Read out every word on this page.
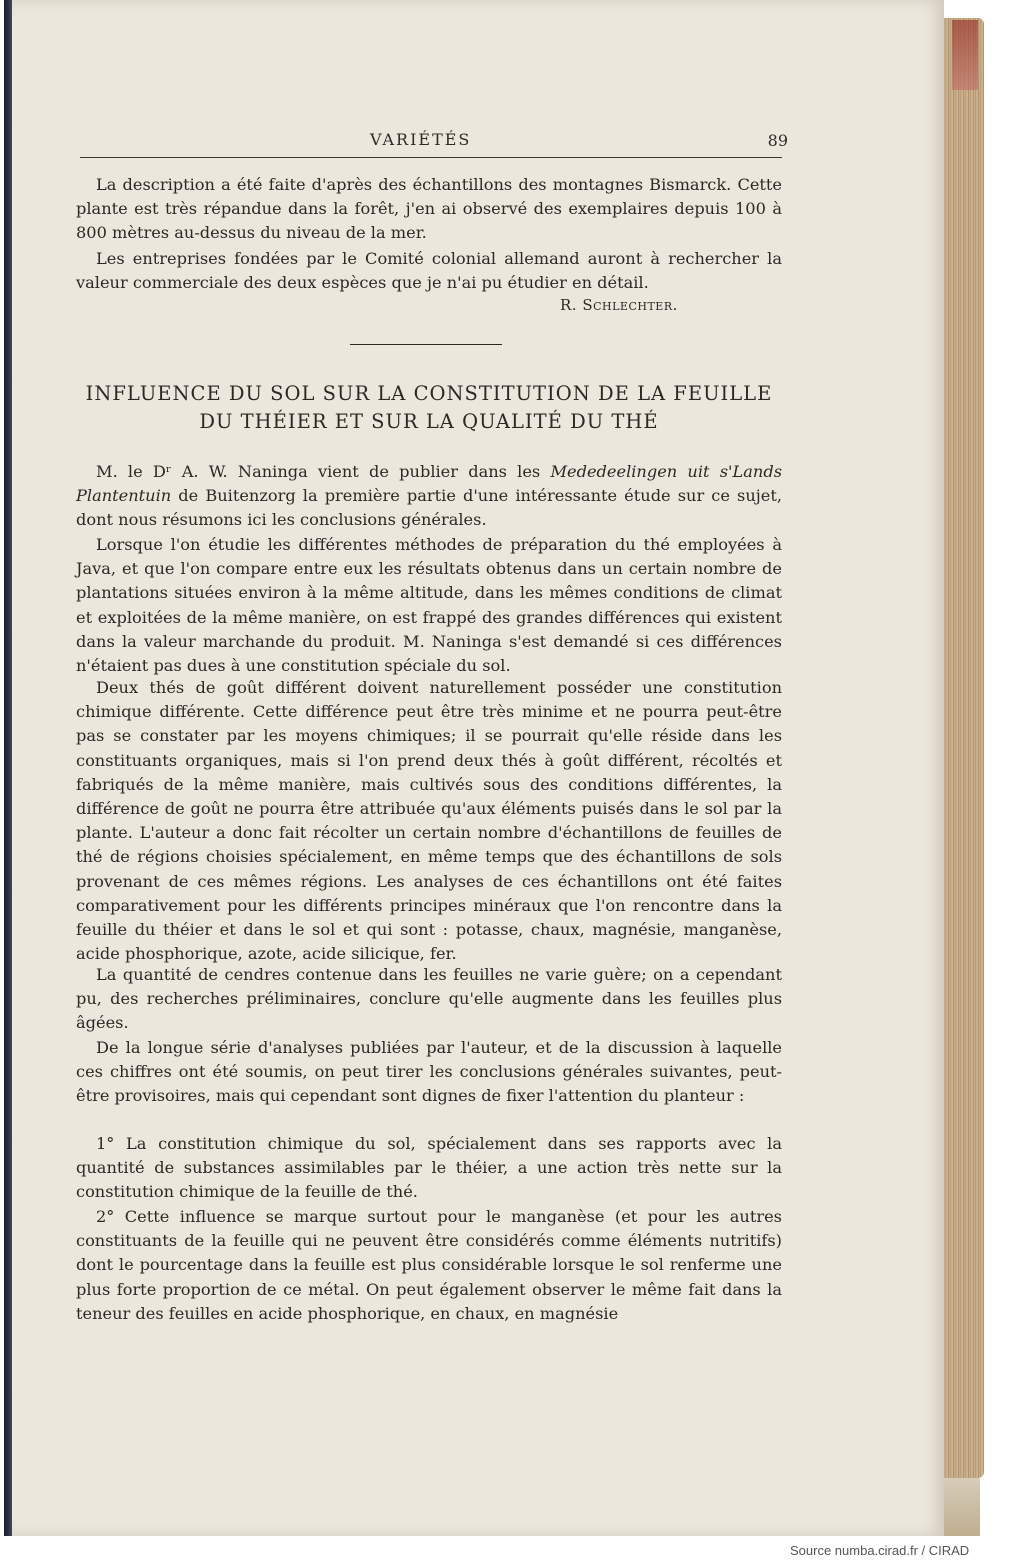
VARIÉTÉS	89

La description a été faite d'après des échantillons des montagnes Bismarck. Cette plante est très répandue dans la forêt, j'en ai observé des exemplaires depuis 100 à 800 mètres au-dessus du niveau de la mer.

Les entreprises fondées par le Comité colonial allemand auront à rechercher la valeur commerciale des deux espèces que je n'ai pu étudier en détail.

R. Schlechter.
INFLUENCE DU SOL SUR LA CONSTITUTION DE LA FEUILLE
DU THÉIER ET SUR LA QUALITÉ DU THÉ

M. le Dʳ A. W. Naninga vient de publier dans les Mededeelingen uit s'Lands Plantentuin de Buitenzorg la première partie d'une intéressante étude sur ce sujet, dont nous résumons ici les conclusions générales.

Lorsque l'on étudie les différentes méthodes de préparation du thé employées à Java, et que l'on compare entre eux les résultats obtenus dans un certain nombre de plantations situées environ à la même altitude, dans les mêmes conditions de climat et exploitées de la même manière, on est frappé des grandes différences qui existent dans la valeur marchande du produit. M. Naninga s'est demandé si ces différences n'étaient pas dues à une constitution spéciale du sol.

Deux thés de goût différent doivent naturellement posséder une constitution chimique différente. Cette différence peut être très minime et ne pourra peut-être pas se constater par les moyens chimiques; il se pourrait qu'elle réside dans les constituants organiques, mais si l'on prend deux thés à goût différent, récoltés et fabriqués de la même manière, mais cultivés sous des conditions différentes, la différence de goût ne pourra être attribuée qu'aux éléments puisés dans le sol par la plante. L'auteur a donc fait récolter un certain nombre d'échantillons de feuilles de thé de régions choisies spécialement, en même temps que des échantillons de sols provenant de ces mêmes régions. Les analyses de ces échantillons ont été faites comparativement pour les différents principes minéraux que l'on rencontre dans la feuille du théier et dans le sol et qui sont : potasse, chaux, magnésie, manganèse, acide phosphorique, azote, acide silicique, fer.

La quantité de cendres contenue dans les feuilles ne varie guère; on a cependant pu, des recherches préliminaires, conclure qu'elle augmente dans les feuilles plus âgées.

De la longue série d'analyses publiées par l'auteur, et de la discussion à laquelle ces chiffres ont été soumis, on peut tirer les conclusions générales suivantes, peut-être provisoires, mais qui cependant sont dignes de fixer l'attention du planteur :

1° La constitution chimique du sol, spécialement dans ses rapports avec la quantité de substances assimilables par le théier, a une action très nette sur la constitution chimique de la feuille de thé.

2° Cette influence se marque surtout pour le manganèse (et pour les autres constituants de la feuille qui ne peuvent être considérés comme éléments nutritifs) dont le pourcentage dans la feuille est plus considérable lorsque le sol renferme une plus forte proportion de ce métal. On peut également observer le même fait dans la teneur des feuilles en acide phosphorique, en chaux, en magnésie

Source numba.cirad.fr / CIRAD
